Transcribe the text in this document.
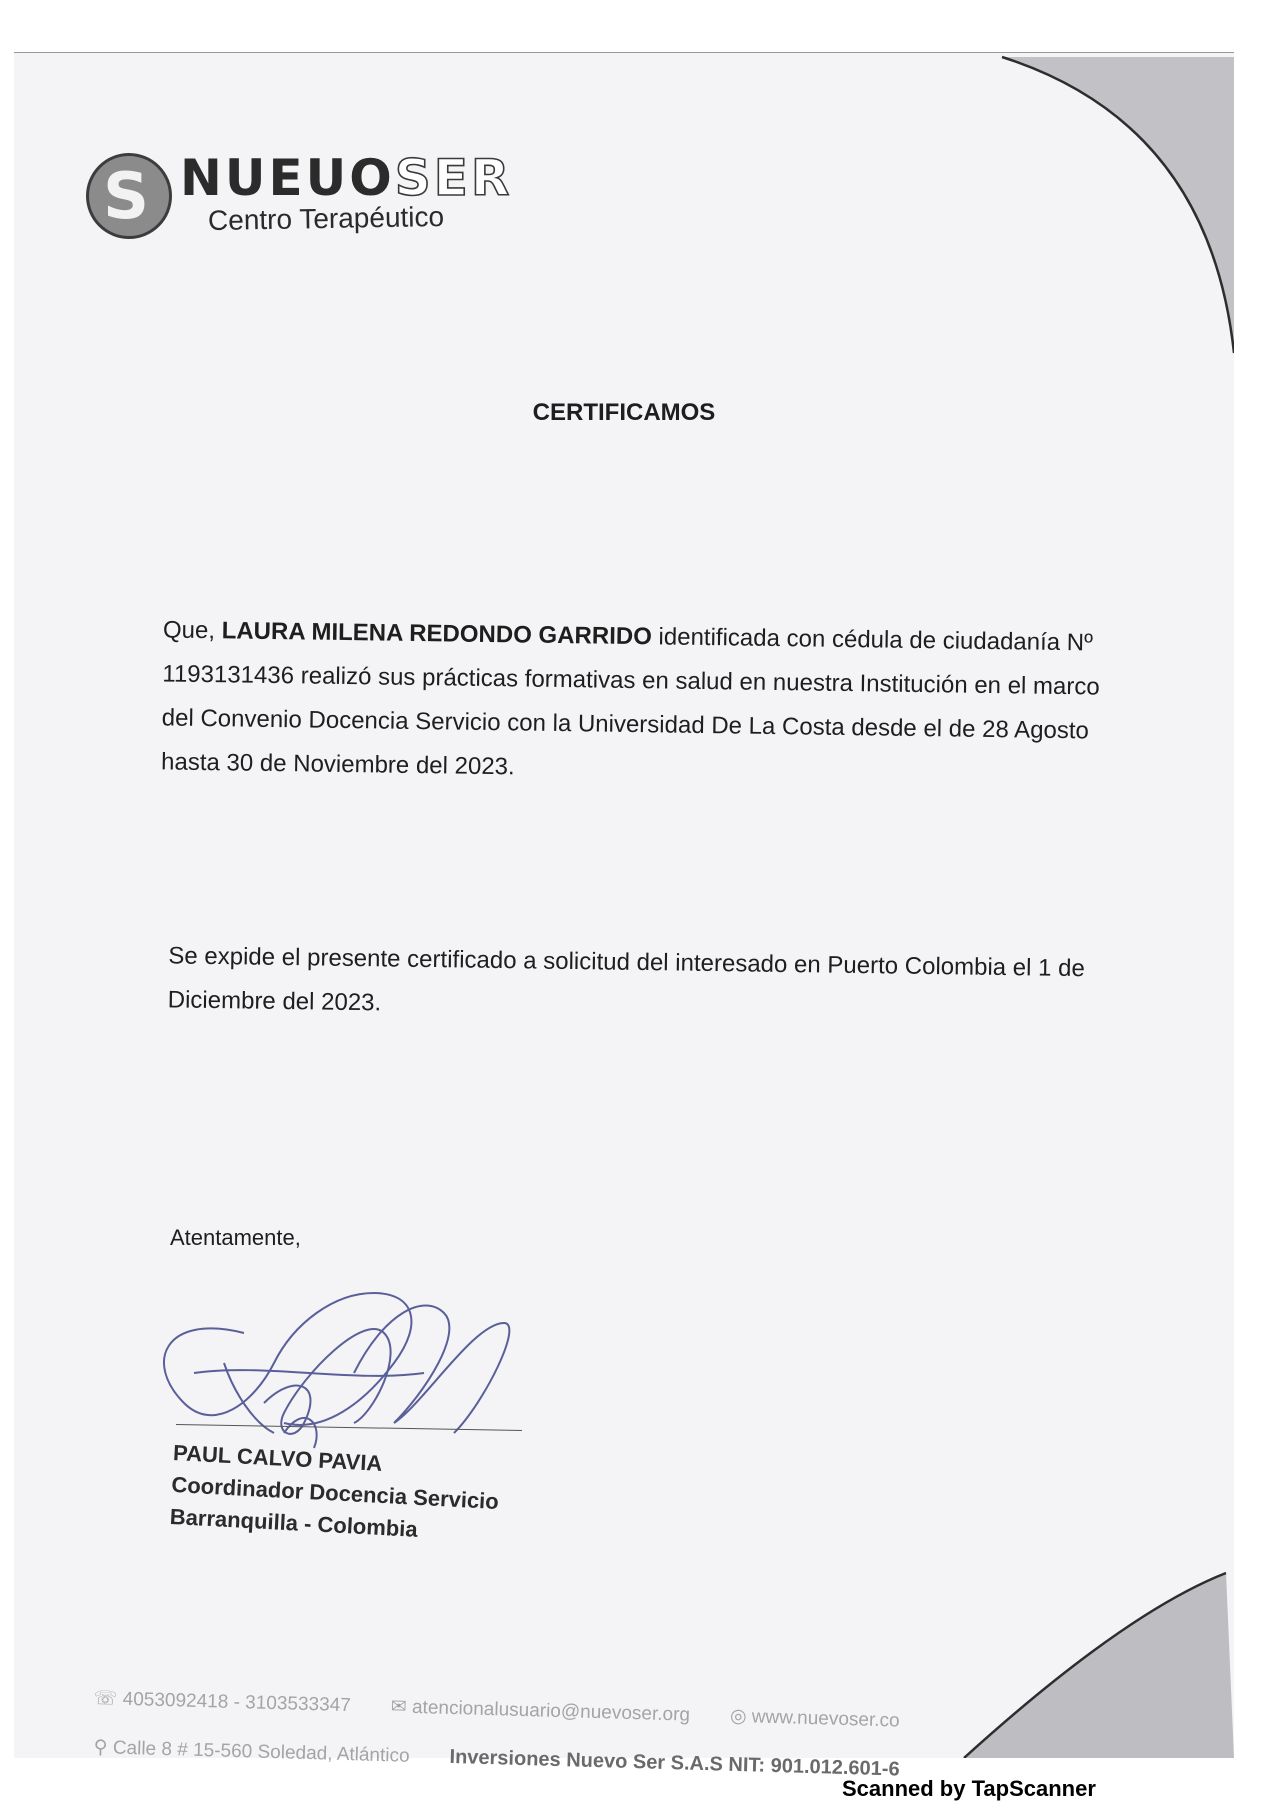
S NUEUOSER
Centro Terapéutico
CERTIFICAMOS
Que, LAURA MILENA REDONDO GARRIDO identificada con cédula de ciudadanía Nº 1193131436 realizó sus prácticas formativas en salud en nuestra Institución en el marco del Convenio Docencia Servicio con la Universidad De La Costa desde el de 28 Agosto hasta 30 de Noviembre del 2023.
Se expide el presente certificado a solicitud del interesado en Puerto Colombia el 1 de Diciembre del 2023.
Atentamente,
PAUL CALVO PAVIA
Coordinador Docencia Servicio
Barranquilla - Colombia
☏ 4053092418 - 3103533347 ✉ atencionalusuario@nuevoser.org ◎ www.nuevoser.co
⚲ Calle 8 # 15-560 Soledad, Atlántico Inversiones Nuevo Ser S.A.S NIT: 901.012.601-6
Scanned by TapScanner
